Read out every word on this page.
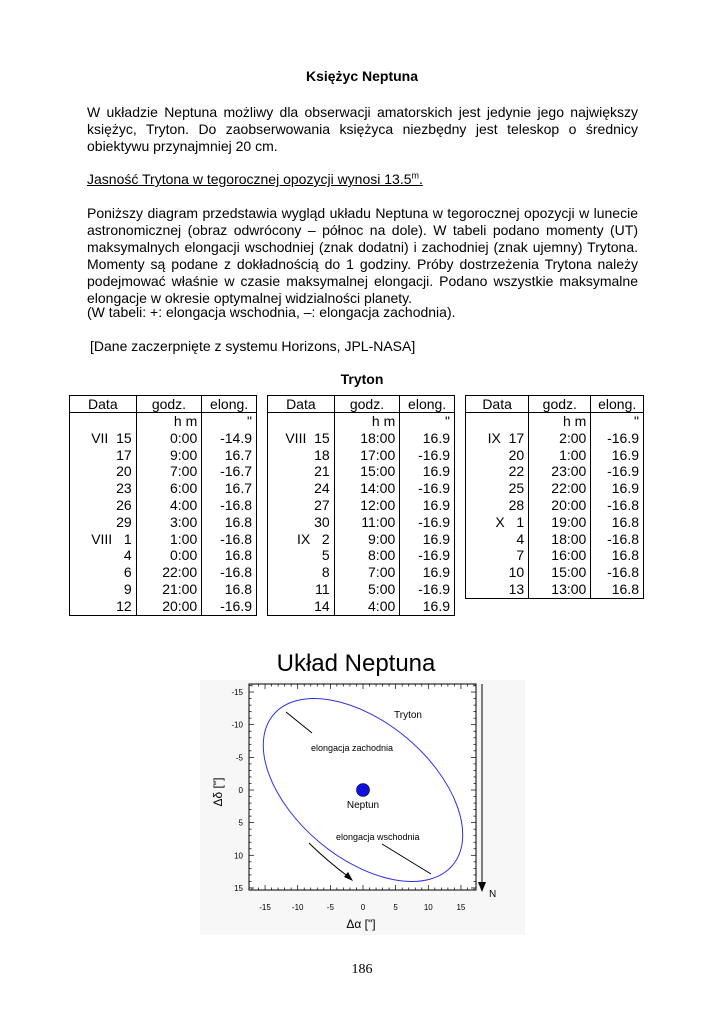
Księżyc Neptuna

W układzie Neptuna możliwy dla obserwacji amatorskich jest jedynie jego największy księżyc, Tryton. Do zaobserwowania księżyca niezbędny jest teleskop o średnicy obiektywu przynajmniej 20 cm.

Jasność Trytona w tegorocznej opozycji wynosi 13.5$^m$.

Poniższy diagram przedstawia wygląd układu Neptuna w tegorocznej opozycji w lunecie astronomicznej (obraz odwrócony – północ na dole). W tabeli podano momenty (UT) maksymalnych elongacji wschodniej (znak dodatni) i zachodniej (znak ujemny) Trytona. Momenty są podane z dokładnością do 1 godziny. Próby dostrzeżenia Trytona należy podejmować właśnie w czasie maksymalnej elongacji. Podano wszystkie maksymalne elongacje w okresie optymalnej widzialności planety.

(W tabeli: +: elongacja wschodnia, –: elongacja zachodnia).

[Dane zaczerpnięte z systemu Horizons, JPL-NASA]

Tryton
Data	godz.	elong.
	h m	"
VII  15	0:00	-14.9
17	9:00	16.7
20	7:00	-16.7
23	6:00	16.7
26	4:00	-16.8
29	3:00	16.8
VIII   1	1:00	-16.8
4	0:00	16.8
6	22:00	-16.8
9	21:00	16.8
12	20:00	-16.9
Data	godz.	elong.
	h m	"
VIII  15	18:00	16.9
18	17:00	-16.9
21	15:00	16.9
24	14:00	-16.9
27	12:00	16.9
30	11:00	-16.9
IX   2	9:00	16.9
5	8:00	-16.9
8	7:00	16.9
11	5:00	-16.9
14	4:00	16.9
Data	godz.	elong.
	h m	"
IX  17	2:00	-16.9
20	1:00	16.9
22	23:00	-16.9
25	22:00	16.9
28	20:00	-16.8
X   1	19:00	16.8
4	18:00	-16.8
7	16:00	16.8
10	15:00	-16.8
13	13:00	16.8
Układ Neptuna
-15	-10	-5	0	5	10	15
-15
-10
-5
0
5
10
15
Neptun
Tryton
elongacja zachodnia
elongacja wschodnia
N
Δδ ["]
Δα ["]
186
